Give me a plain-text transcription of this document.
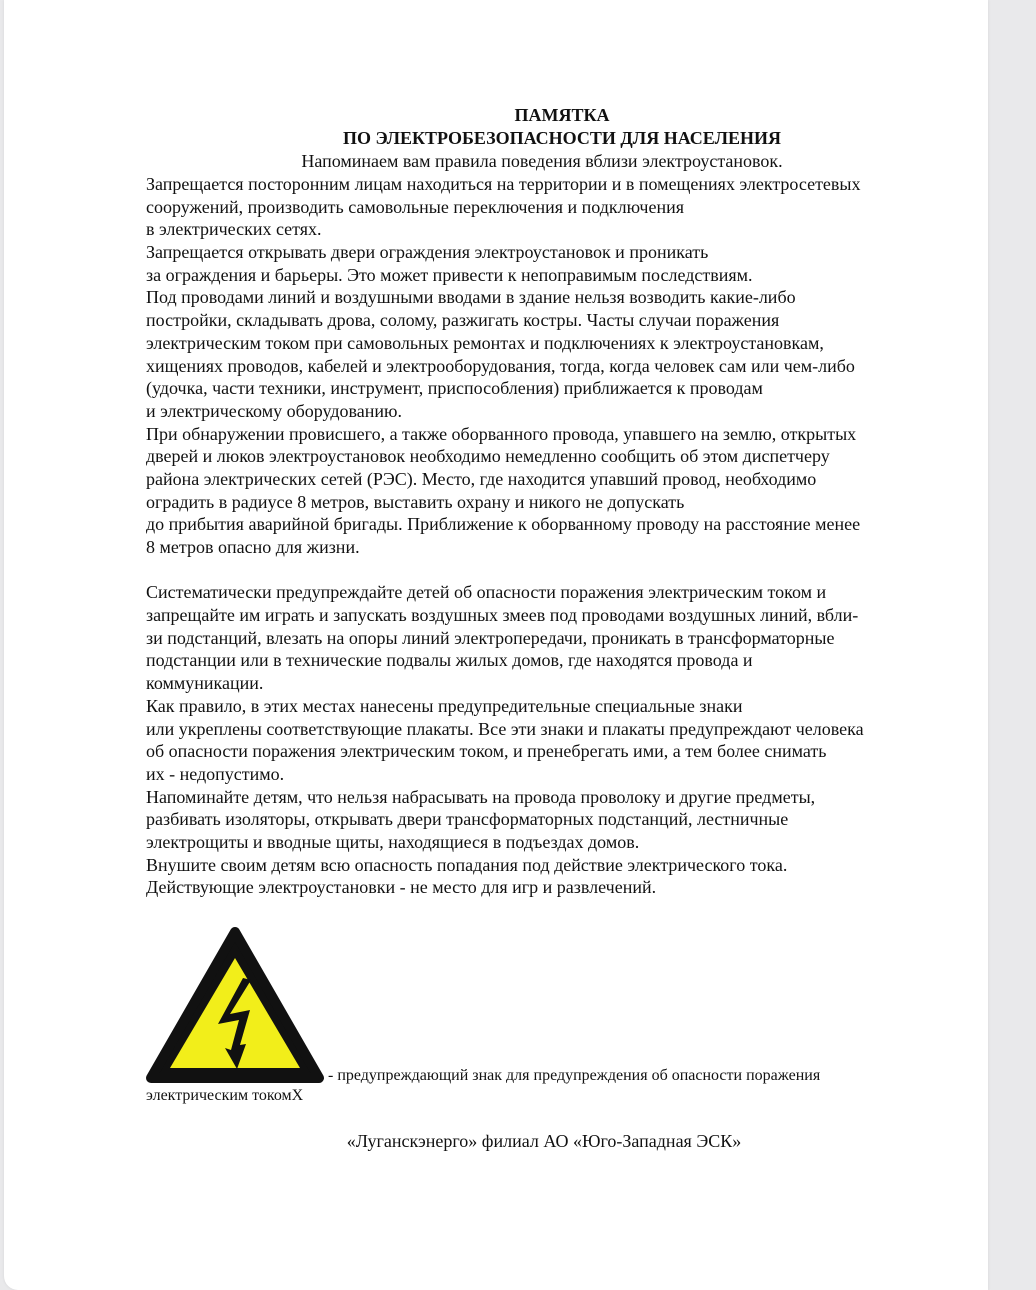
ПАМЯТКА
ПО ЭЛЕКТРОБЕЗОПАСНОСТИ ДЛЯ НАСЕЛЕНИЯ
Напоминаем вам правила поведения вблизи электроустановок.
Запрещается посторонним лицам находиться на территории и в помещениях электросетевых
сооружений, производить самовольные переключения и подключения
в электрических сетях.
Запрещается открывать двери ограждения электроустановок и проникать
за ограждения и барьеры. Это может привести к непоправимым последствиям.
Под проводами линий и воздушными вводами в здание нельзя возводить какие-либо
постройки, складывать дрова, солому, разжигать костры. Часты случаи поражения
электрическим током при самовольных ремонтах и подключениях к электроустановкам,
хищениях проводов, кабелей и электрооборудования, тогда, когда человек сам или чем-либо
(удочка, части техники, инструмент, приспособления) приближается к проводам
и электрическому оборудованию.
При обнаружении провисшего, а также оборванного провода, упавшего на землю, открытых
дверей и люков электроустановок необходимо немедленно сообщить об этом диспетчеру
района электрических сетей (РЭС). Место, где находится упавший провод, необходимо
оградить в радиусе 8 метров, выставить охрану и никого не допускать
до прибытия аварийной бригады. Приближение к оборванному проводу на расстояние менее
8 метров опасно для жизни.
Систематически предупреждайте детей об опасности поражения электрическим током и
запрещайте им играть и запускать воздушных змеев под проводами воздушных линий, вбли-
зи подстанций, влезать на опоры линий электропередачи, проникать в трансформаторные
подстанции или в технические подвалы жилых домов, где находятся провода и
коммуникации.
Как правило, в этих местах нанесены предупредительные специальные знаки
или укреплены соответствующие плакаты. Все эти знаки и плакаты предупреждают человека
об опасности поражения электрическим током, и пренебрегать ими, а тем более снимать
их - недопустимо.
Напоминайте детям, что нельзя набрасывать на провода проволоку и другие предметы,
разбивать изоляторы, открывать двери трансформаторных подстанций, лестничные
электрощиты и вводные щиты, находящиеся в подъездах домов.
Внушите своим детям всю опасность попадания под действие электрического тока.
Действующие электроустановки - не место для игр и развлечений.
- предупреждающий знак для предупреждения об опасности поражения
электрическим токомХ
«Луганскэнерго» филиал АО «Юго-Западная ЭСК»
